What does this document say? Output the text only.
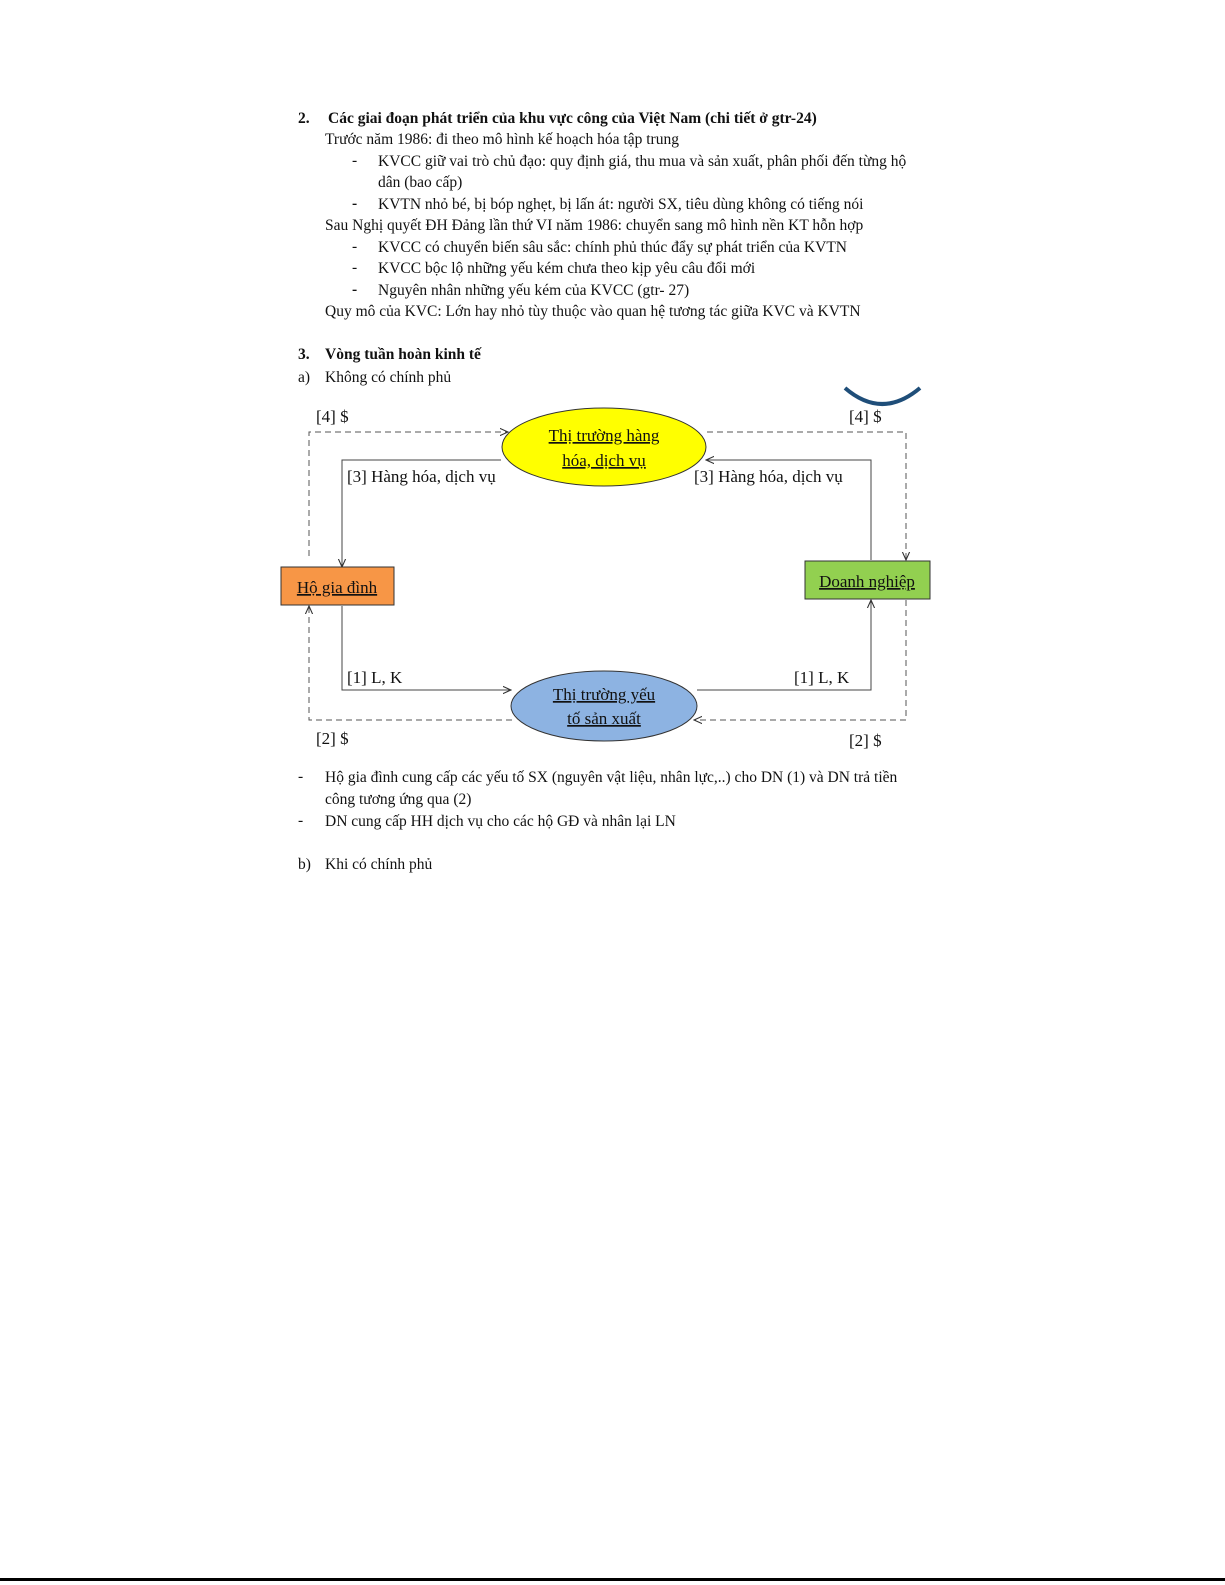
2. Các giai đoạn phát triển của khu vực công của Việt Nam (chi tiết ở gtr-24)
Trước năm 1986: đi theo mô hình kế hoạch hóa tập trung
- KVCC giữ vai trò chủ đạo: quy định giá, thu mua và sản xuất, phân phối đến từng hộ
dân (bao cấp)
- KVTN nhỏ bé, bị bóp nghẹt, bị lấn át: người SX, tiêu dùng không có tiếng nói
Sau Nghị quyết ĐH Đảng lần thứ VI năm 1986: chuyển sang mô hình nền KT hỗn hợp
- KVCC có chuyển biến sâu sắc: chính phủ thúc đẩy sự phát triển của KVTN
- KVCC bộc lộ những yếu kém chưa theo kịp yêu câu đổi mới
- Nguyên nhân những yếu kém của KVCC (gtr- 27)
Quy mô của KVC: Lớn hay nhỏ tùy thuộc vào quan hệ tương tác giữa KVC và KVTN
3. Vòng tuần hoàn kinh tế
a) Không có chính phủ
Thị trường hàng
hóa, dịch vụ
Thị trường yếu
tố sản xuất
Hộ gia đình	Doanh nghiệp
[4] $	[4] $
[3] Hàng hóa, dịch vụ	[3] Hàng hóa, dịch vụ
[1] L, K	[1] L, K
[2] $	[2] $
- Hộ gia đình cung cấp các yếu tố SX (nguyên vật liệu, nhân lực,..) cho DN (1) và DN trả tiền
công tương ứng qua (2)
- DN cung cấp HH dịch vụ cho các hộ GĐ và nhân lại LN
b) Khi có chính phủ
